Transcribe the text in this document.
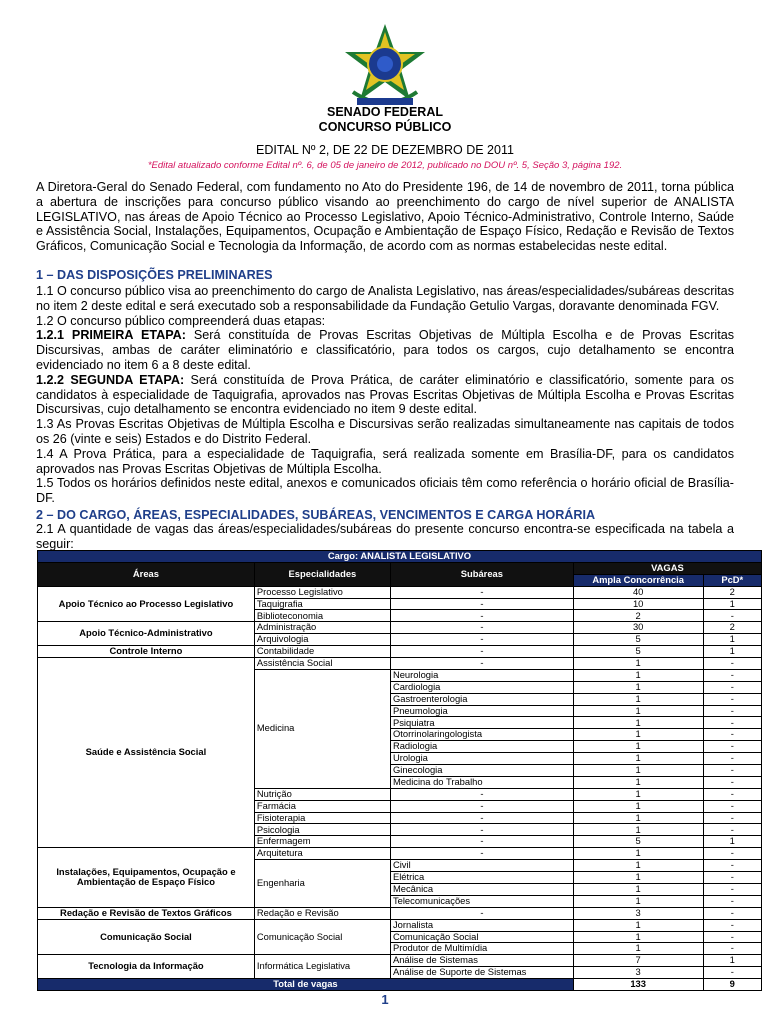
SENADO FEDERAL
CONCURSO PÚBLICO
EDITAL Nº 2, DE 22 DE DEZEMBRO DE 2011
*Edital atualizado conforme Edital nº. 6, de 05 de janeiro de 2012, publicado no DOU nº. 5, Seção 3, página 192.
A Diretora-Geral do Senado Federal, com fundamento no Ato do Presidente 196, de 14 de novembro de 2011, torna pública a abertura de inscrições para concurso público visando ao preenchimento do cargo de nível superior de ANALISTA LEGISLATIVO, nas áreas de Apoio Técnico ao Processo Legislativo, Apoio Técnico-Administrativo, Controle Interno, Saúde e Assistência Social, Instalações, Equipamentos, Ocupação e Ambientação de Espaço Físico, Redação e Revisão de Textos Gráficos, Comunicação Social e Tecnologia da Informação, de acordo com as normas estabelecidas neste edital.
1 – DAS DISPOSIÇÕES PRELIMINARES
1.1 O concurso público visa ao preenchimento do cargo de Analista Legislativo, nas áreas/especialidades/subáreas descritas no item 2 deste edital e será executado sob a responsabilidade da Fundação Getulio Vargas, doravante denominada FGV.
1.2 O concurso público compreenderá duas etapas:
1.2.1 PRIMEIRA ETAPA: Será constituída de Provas Escritas Objetivas de Múltipla Escolha e de Provas Escritas Discursivas, ambas de caráter eliminatório e classificatório, para todos os cargos, cujo detalhamento se encontra evidenciado no item 6 a 8 deste edital.
1.2.2 SEGUNDA ETAPA: Será constituída de Prova Prática, de caráter eliminatório e classificatório, somente para os candidatos à especialidade de Taquigrafia, aprovados nas Provas Escritas Objetivas de Múltipla Escolha e Provas Escritas Discursivas, cujo detalhamento se encontra evidenciado no item 9 deste edital.
1.3 As Provas Escritas Objetivas de Múltipla Escolha e Discursivas serão realizadas simultaneamente nas capitais de todos os 26 (vinte e seis) Estados e do Distrito Federal.
1.4 A Prova Prática, para a especialidade de Taquigrafia, será realizada somente em Brasília-DF, para os candidatos aprovados nas Provas Escritas Objetivas de Múltipla Escolha.
1.5 Todos os horários definidos neste edital, anexos e comunicados oficiais têm como referência o horário oficial de Brasília-DF.
2 – DO CARGO, ÁREAS, ESPECIALIDADES, SUBÁREAS, VENCIMENTOS E CARGA HORÁRIA
2.1 A quantidade de vagas das áreas/especialidades/subáreas do presente concurso encontra-se especificada na tabela a seguir:
Cargo: ANALISTA LEGISLATIVO				
Áreas	Especialidades	Subáreas	VAGAS	
			Ampla Concorrência	PcD*
Apoio Técnico ao Processo Legislativo	Processo Legislativo	-	40	2
	Taquigrafia	-	10	1
	Biblioteconomia	-	2	-
Apoio Técnico-Administrativo	Administração	-	30	2
	Arquivologia	-	5	1
Controle Interno	Contabilidade	-	5	1
Saúde e Assistência Social	Assistência Social	-	1	-
	Medicina	Neurologia	1	-
		Cardiologia	1	-
		Gastroenterologia	1	-
		Pneumologia	1	-
		Psiquiatra	1	-
		Otorrinolaringologista	1	-
		Radiologia	1	-
		Urologia	1	-
		Ginecologia	1	-
		Medicina do Trabalho	1	-
	Nutrição	-	1	-
	Farmácia	-	1	-
	Fisioterapia	-	1	-
	Psicologia	-	1	-
	Enfermagem	-	5	1
Instalações, Equipamentos, Ocupação e Ambientação de Espaço Físico	Arquitetura	-	1	-
	Engenharia	Civil	1	-
		Elétrica	1	-
		Mecânica	1	-
		Telecomunicações	1	-
Redação e Revisão de Textos Gráficos	Redação e Revisão	-	3	-
Comunicação Social	Comunicação Social	Jornalista	1	-
		Comunicação Social	1	-
		Produtor de Multimídia	1	-
Tecnologia da Informação	Informática Legislativa	Análise de Sistemas	7	1
		Análise de Suporte de Sistemas	3	-
Total de vagas			133	9
1
